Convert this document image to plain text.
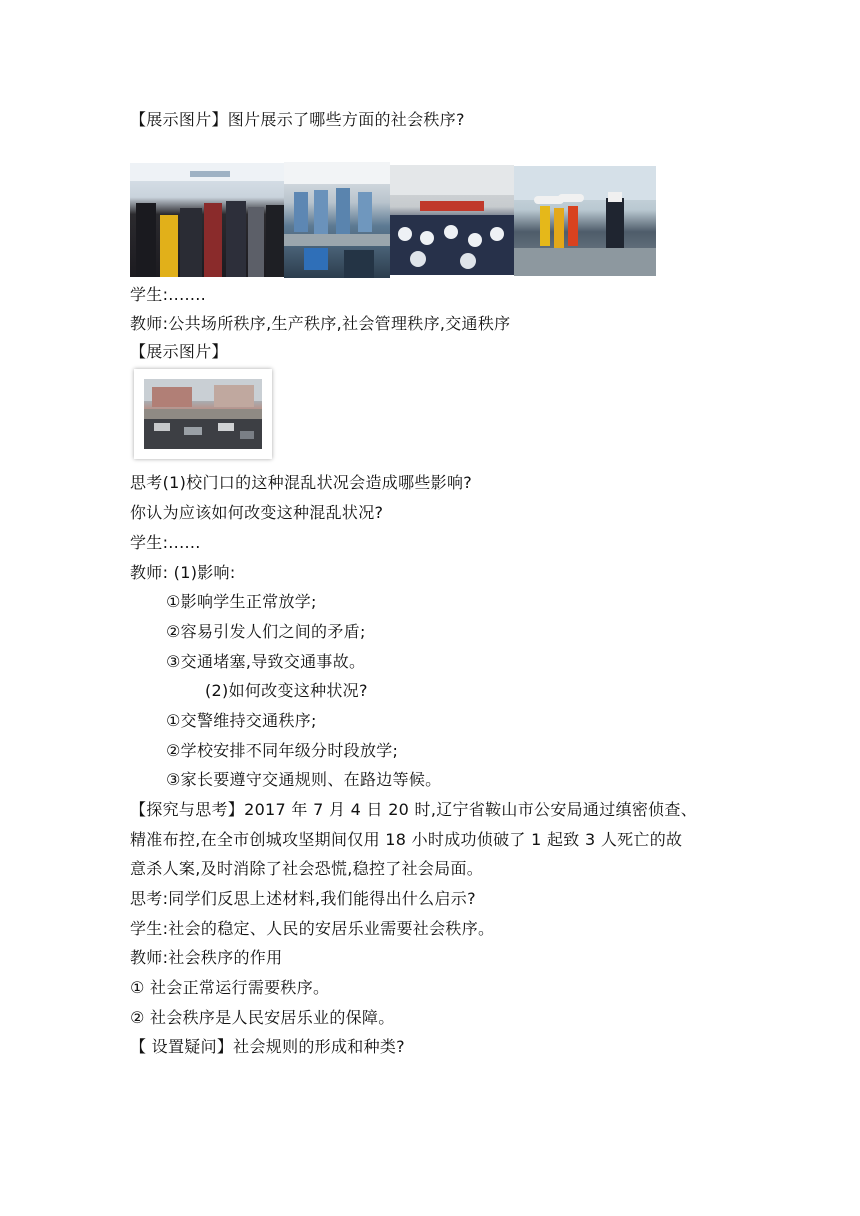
【展示图片】图片展示了哪些方面的社会秩序?
学生:.......
教师:公共场所秩序,生产秩序,社会管理秩序,交通秩序
【展示图片】
思考(1)校门口的这种混乱状况会造成哪些影响?
你认为应该如何改变这种混乱状况?
学生:......
教师: (1)影响:
①影响学生正常放学;
②容易引发人们之间的矛盾;
③交通堵塞,导致交通事故。
(2)如何改变这种状况?
①交警维持交通秩序;
②学校安排不同年级分时段放学;
③家长要遵守交通规则、在路边等候。
【探究与思考】2017 年 7 月 4 日 20 时,辽宁省鞍山市公安局通过缜密侦查、
精准布控,在全市创城攻坚期间仅用 18 小时成功侦破了 1 起致 3 人死亡的故
意杀人案,及时消除了社会恐慌,稳控了社会局面。
思考:同学们反思上述材料,我们能得出什么启示?
学生:社会的稳定、人民的安居乐业需要社会秩序。
教师:社会秩序的作用
① 社会正常运行需要秩序。
② 社会秩序是人民安居乐业的保障。
【 设置疑问】社会规则的形成和种类?
